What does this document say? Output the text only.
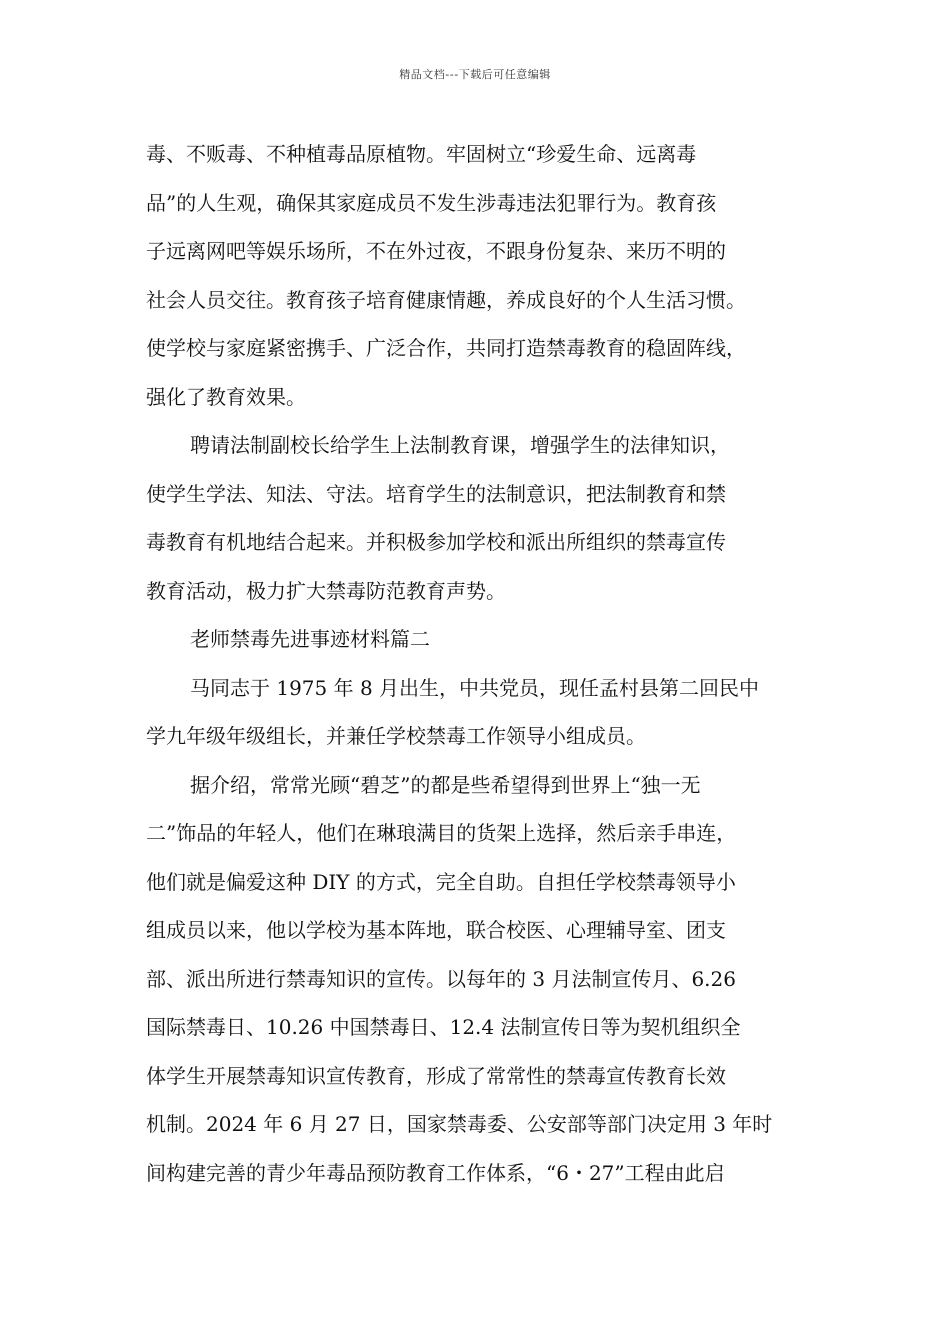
精品文档---下载后可任意编辑
毒、不贩毒、不种植毒品原植物。牢固树立“珍爱生命、远离毒
品”的人生观，确保其家庭成员不发生涉毒违法犯罪行为。教育孩
子远离网吧等娱乐场所，不在外过夜，不跟身份复杂、来历不明的
社会人员交往。教育孩子培育健康情趣，养成良好的个人生活习惯。
使学校与家庭紧密携手、广泛合作，共同打造禁毒教育的稳固阵线，
强化了教育效果。
聘请法制副校长给学生上法制教育课，增强学生的法律知识，
使学生学法、知法、守法。培育学生的法制意识，把法制教育和禁
毒教育有机地结合起来。并积极参加学校和派出所组织的禁毒宣传
教育活动，极力扩大禁毒防范教育声势。
老师禁毒先进事迹材料篇二
马同志于 1975 年 8 月出生，中共党员，现任孟村县第二回民中
学九年级年级组长，并兼任学校禁毒工作领导小组成员。
据介绍，常常光顾“碧芝”的都是些希望得到世界上“独一无
二”饰品的年轻人，他们在琳琅满目的货架上选择，然后亲手串连，
他们就是偏爱这种 DIY 的方式，完全自助。自担任学校禁毒领导小
组成员以来，他以学校为基本阵地，联合校医、心理辅导室、团支
部、派出所进行禁毒知识的宣传。以每年的 3 月法制宣传月、6.26
国际禁毒日、10.26 中国禁毒日、12.4 法制宣传日等为契机组织全
体学生开展禁毒知识宣传教育，形成了常常性的禁毒宣传教育长效
机制。2024 年 6 月 27 日，国家禁毒委、公安部等部门决定用 3 年时
间构建完善的青少年毒品预防教育工作体系，“6・27”工程由此启
